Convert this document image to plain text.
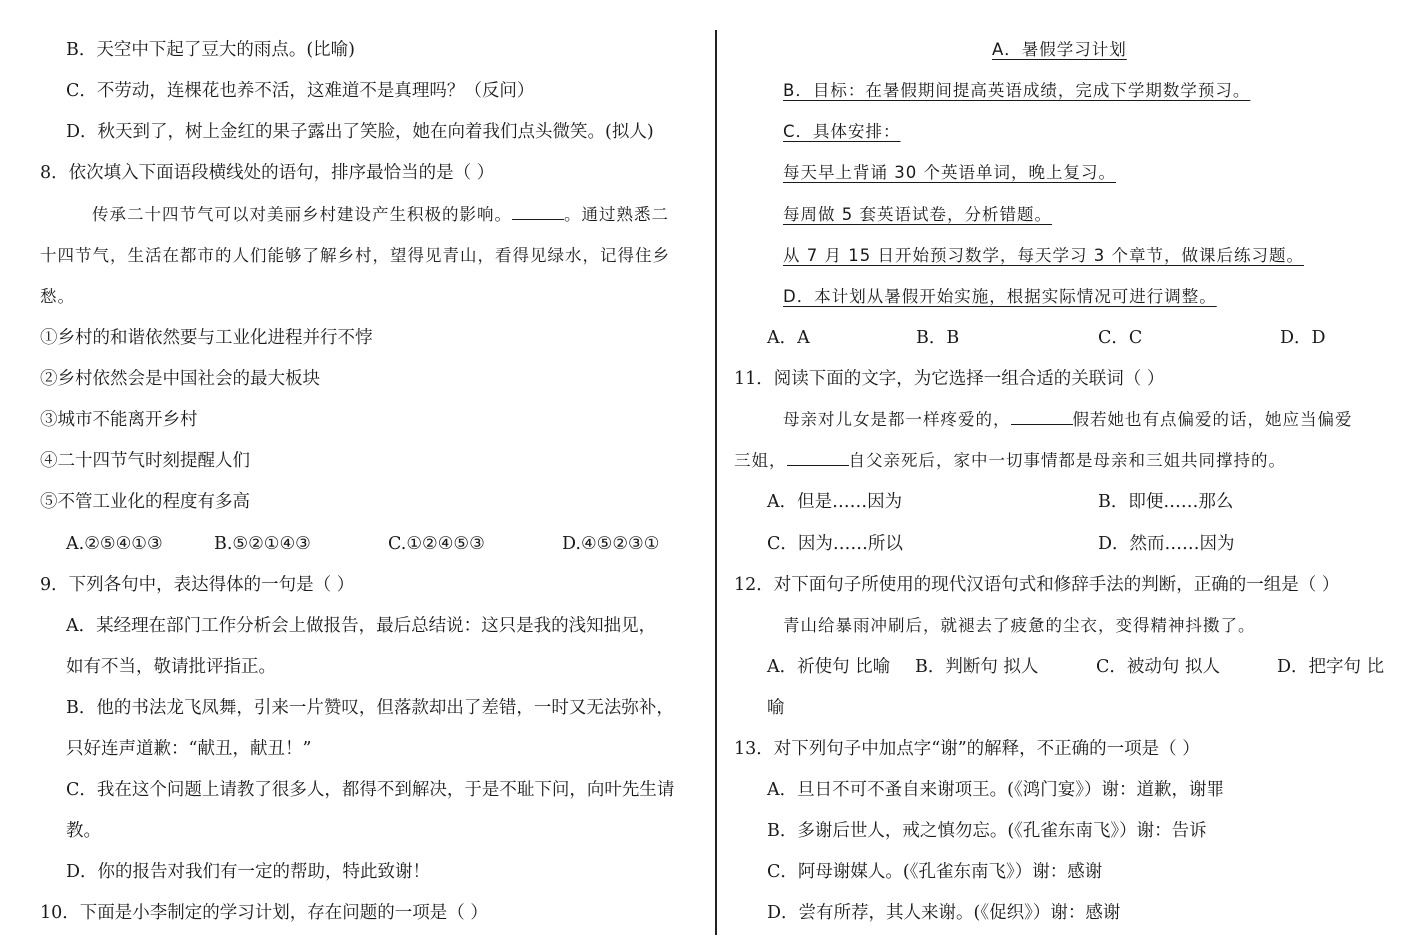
B．天空中下起了豆大的雨点。(比喻)
C．不劳动，连棵花也养不活，这难道不是真理吗？（反问）
D．秋天到了，树上金红的果子露出了笑脸，她在向着我们点头微笑。(拟人)
8．依次填入下面语段横线处的语句，排序最恰当的是（ ）
传承二十四节气可以对美丽乡村建设产生积极的影响。	。通过熟悉二
十四节气，生活在都市的人们能够了解乡村，望得见青山，看得见绿水，记得住乡
愁。
①乡村的和谐依然要与工业化进程并行不悖
②乡村依然会是中国社会的最大板块
③城市不能离开乡村
④二十四节气时刻提醒人们
⑤不管工业化的程度有多高
A.②⑤④①③	B.⑤②①④③	C.①②④⑤③	D.④⑤②③①
9．下列各句中，表达得体的一句是（ ）
A．某经理在部门工作分析会上做报告，最后总结说：这只是我的浅知拙见，
如有不当，敬请批评指正。
B．他的书法龙飞凤舞，引来一片赞叹，但落款却出了差错，一时又无法弥补，
只好连声道歉：“献丑，献丑！”
C．我在这个问题上请教了很多人，都得不到解决，于是不耻下问，向叶先生请
教。
D．你的报告对我们有一定的帮助，特此致谢！
10．下面是小李制定的学习计划，存在问题的一项是（ ）
A．暑假学习计划
B．目标：在暑假期间提高英语成绩，完成下学期数学预习。
C．具体安排：
每天早上背诵 30 个英语单词，晚上复习。
每周做 5 套英语试卷，分析错题。
从 7 月 15 日开始预习数学，每天学习 3 个章节，做课后练习题。
D．本计划从暑假开始实施，根据实际情况可进行调整。
A．A	B．B	C．C	D．D
11．阅读下面的文字，为它选择一组合适的关联词（ ）
母亲对儿女是都一样疼爱的，	假若她也有点偏爱的话，她应当偏爱
三姐，	自父亲死后，家中一切事情都是母亲和三姐共同撑持的。
A．但是……因为	B．即便……那么
C．因为……所以	D．然而……因为
12．对下面句子所使用的现代汉语句式和修辞手法的判断，正确的一组是（ ）
青山给暴雨冲刷后，就褪去了疲惫的尘衣，变得精神抖擞了。
A．祈使句 比喻 B．判断句 拟人	C．被动句 拟人	D．把字句 比
喻
13．对下列句子中加点字“谢”的解释，不正确的一项是（ ）
A．旦日不可不蚤自来谢项王。(《鸿门宴》）谢：道歉，谢罪
B．多谢后世人，戒之慎勿忘。(《孔雀东南飞》）谢：告诉
C．阿母谢媒人。(《孔雀东南飞》）谢：感谢
D．尝有所荐，其人来谢。(《促织》）谢：感谢
